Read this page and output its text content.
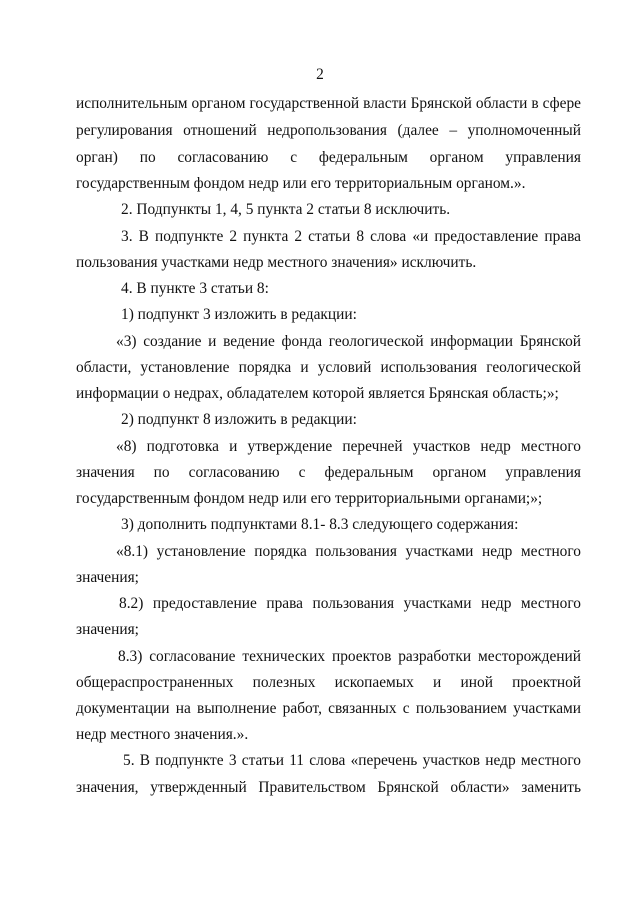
2
исполнительным органом государственной власти Брянской области в сфере
регулирования отношений недропользования (далее – уполномоченный
орган) по согласованию с федеральным органом управления
государственным фондом недр или его территориальным органом.».
2. Подпункты 1, 4, 5 пункта 2 статьи 8 исключить.
3. В подпункте 2 пункта 2 статьи 8 слова «и предоставление права
пользования участками недр местного значения» исключить.
4. В пункте 3 статьи 8:
1) подпункт 3 изложить в редакции:
«3) создание и ведение фонда геологической информации Брянской
области, установление порядка и условий использования геологической
информации о недрах, обладателем которой является Брянская область;»;
2) подпункт 8 изложить в редакции:
«8) подготовка и утверждение перечней участков недр местного
значения по согласованию с федеральным органом управления
государственным фондом недр или его территориальными органами;»;
3) дополнить подпунктами 8.1- 8.3 следующего содержания:
«8.1) установление порядка пользования участками недр местного
значения;
8.2) предоставление права пользования участками недр местного
значения;
8.3) согласование технических проектов разработки месторождений
общераспространенных полезных ископаемых и иной проектной
документации на выполнение работ, связанных с пользованием участками
недр местного значения.».
5. В подпункте 3 статьи 11 слова «перечень участков недр местного
значения, утвержденный Правительством Брянской области» заменить
